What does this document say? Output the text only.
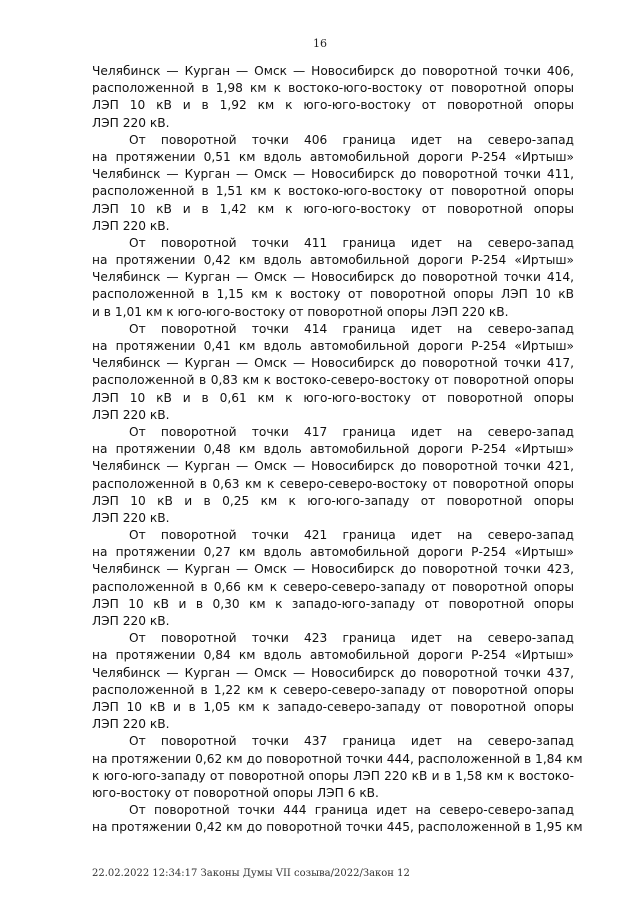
16
Челябинск — Курган — Омск — Новосибирск до поворотной точки 406,
расположенной в 1,98 км к востоко-юго-востоку от поворотной опоры
ЛЭП 10 кВ и в 1,92 км к юго-юго-востоку от поворотной опоры
ЛЭП 220 кВ.
От поворотной точки 406 граница идет на северо-запад
на протяжении 0,51 км вдоль автомобильной дороги Р-254 «Иртыш»
Челябинск — Курган — Омск — Новосибирск до поворотной точки 411,
расположенной в 1,51 км к востоко-юго-востоку от поворотной опоры
ЛЭП 10 кВ и в 1,42 км к юго-юго-востоку от поворотной опоры
ЛЭП 220 кВ.
От поворотной точки 411 граница идет на северо-запад
на протяжении 0,42 км вдоль автомобильной дороги Р-254 «Иртыш»
Челябинск — Курган — Омск — Новосибирск до поворотной точки 414,
расположенной в 1,15 км к востоку от поворотной опоры ЛЭП 10 кВ
и в 1,01 км к юго-юго-востоку от поворотной опоры ЛЭП 220 кВ.
От поворотной точки 414 граница идет на северо-запад
на протяжении 0,41 км вдоль автомобильной дороги Р-254 «Иртыш»
Челябинск — Курган — Омск — Новосибирск до поворотной точки 417,
расположенной в 0,83 км к востоко-северо-востоку от поворотной опоры
ЛЭП 10 кВ и в 0,61 км к юго-юго-востоку от поворотной опоры
ЛЭП 220 кВ.
От поворотной точки 417 граница идет на северо-запад
на протяжении 0,48 км вдоль автомобильной дороги Р-254 «Иртыш»
Челябинск — Курган — Омск — Новосибирск до поворотной точки 421,
расположенной в 0,63 км к северо-северо-востоку от поворотной опоры
ЛЭП 10 кВ и в 0,25 км к юго-юго-западу от поворотной опоры
ЛЭП 220 кВ.
От поворотной точки 421 граница идет на северо-запад
на протяжении 0,27 км вдоль автомобильной дороги Р-254 «Иртыш»
Челябинск — Курган — Омск — Новосибирск до поворотной точки 423,
расположенной в 0,66 км к северо-северо-западу от поворотной опоры
ЛЭП 10 кВ и в 0,30 км к западо-юго-западу от поворотной опоры
ЛЭП 220 кВ.
От поворотной точки 423 граница идет на северо-запад
на протяжении 0,84 км вдоль автомобильной дороги Р-254 «Иртыш»
Челябинск — Курган — Омск — Новосибирск до поворотной точки 437,
расположенной в 1,22 км к северо-северо-западу от поворотной опоры
ЛЭП 10 кВ и в 1,05 км к западо-северо-западу от поворотной опоры
ЛЭП 220 кВ.
От поворотной точки 437 граница идет на северо-запад
на протяжении 0,62 км до поворотной точки 444, расположенной в 1,84 км
к юго-юго-западу от поворотной опоры ЛЭП 220 кВ и в 1,58 км к востоко-
юго-востоку от поворотной опоры ЛЭП 6 кВ.
От поворотной точки 444 граница идет на северо-северо-запад
на протяжении 0,42 км до поворотной точки 445, расположенной в 1,95 км
22.02.2022 12:34:17 Законы Думы VII созыва/2022/Закон 12
